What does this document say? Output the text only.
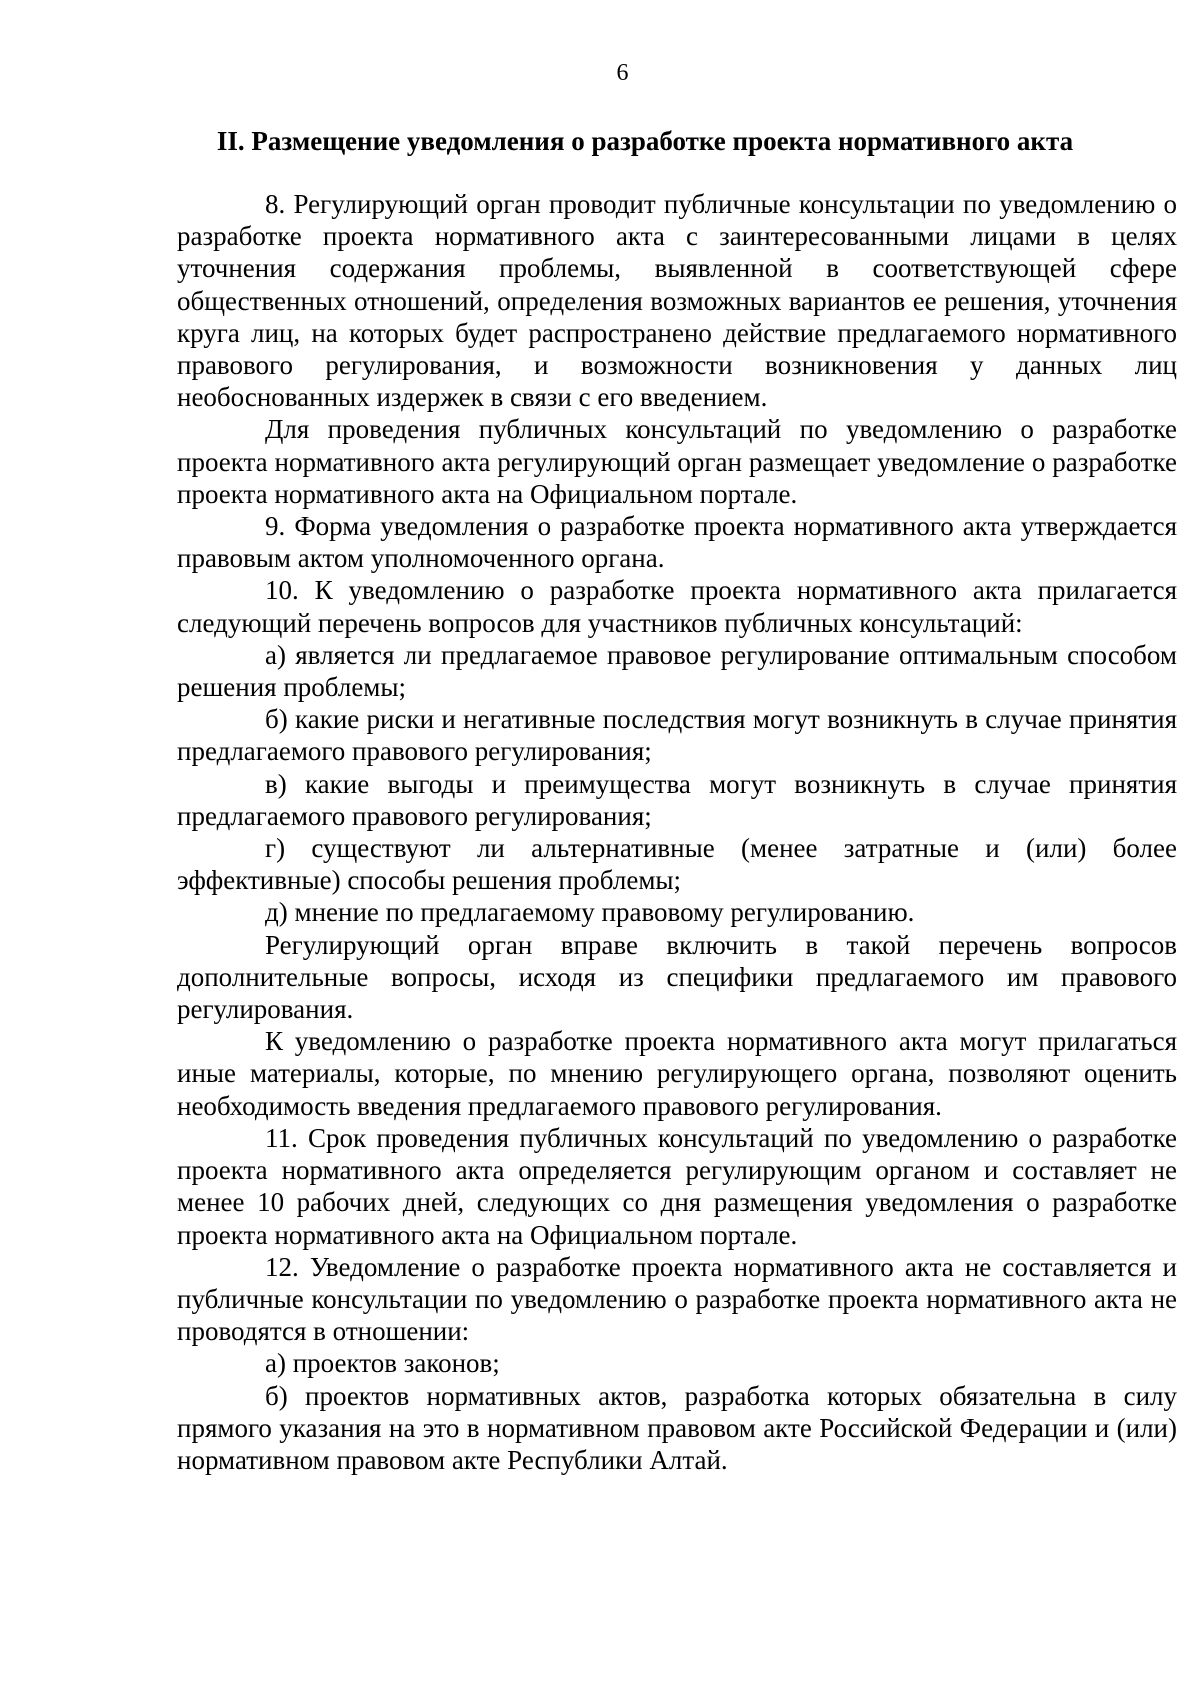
6
II. Размещение уведомления о разработке проекта нормативного акта

8. Регулирующий орган проводит публичные консультации по уведомлению о разработке проекта нормативного акта с заинтересованными лицами в целях уточнения содержания проблемы, выявленной в соответствующей сфере общественных отношений, определения возможных вариантов ее решения, уточнения круга лиц, на которых будет распространено действие предлагаемого нормативного правового регулирования, и возможности возникновения у данных лиц необоснованных издержек в связи с его введением.

Для проведения публичных консультаций по уведомлению о разработке проекта нормативного акта регулирующий орган размещает уведомление о разработке проекта нормативного акта на Официальном портале.

9. Форма уведомления о разработке проекта нормативного акта утверждается правовым актом уполномоченного органа.

10. К уведомлению о разработке проекта нормативного акта прилагается следующий перечень вопросов для участников публичных консультаций:

а) является ли предлагаемое правовое регулирование оптимальным способом решения проблемы;

б) какие риски и негативные последствия могут возникнуть в случае принятия предлагаемого правового регулирования;

в) какие выгоды и преимущества могут возникнуть в случае принятия предлагаемого правового регулирования;

г) существуют ли альтернативные (менее затратные и (или) более эффективные) способы решения проблемы;

д) мнение по предлагаемому правовому регулированию.

Регулирующий орган вправе включить в такой перечень вопросов дополнительные вопросы, исходя из специфики предлагаемого им правового регулирования.

К уведомлению о разработке проекта нормативного акта могут прилагаться иные материалы, которые, по мнению регулирующего органа, позволяют оценить необходимость введения предлагаемого правового регулирования.

11. Срок проведения публичных консультаций по уведомлению о разработке проекта нормативного акта определяется регулирующим органом и составляет не менее 10 рабочих дней, следующих со дня размещения уведомления о разработке проекта нормативного акта на Официальном портале.

12. Уведомление о разработке проекта нормативного акта не составляется и публичные консультации по уведомлению о разработке проекта нормативного акта не проводятся в отношении:

а) проектов законов;

б) проектов нормативных актов, разработка которых обязательна в силу прямого указания на это в нормативном правовом акте Российской Федерации и (или) нормативном правовом акте Республики Алтай.
